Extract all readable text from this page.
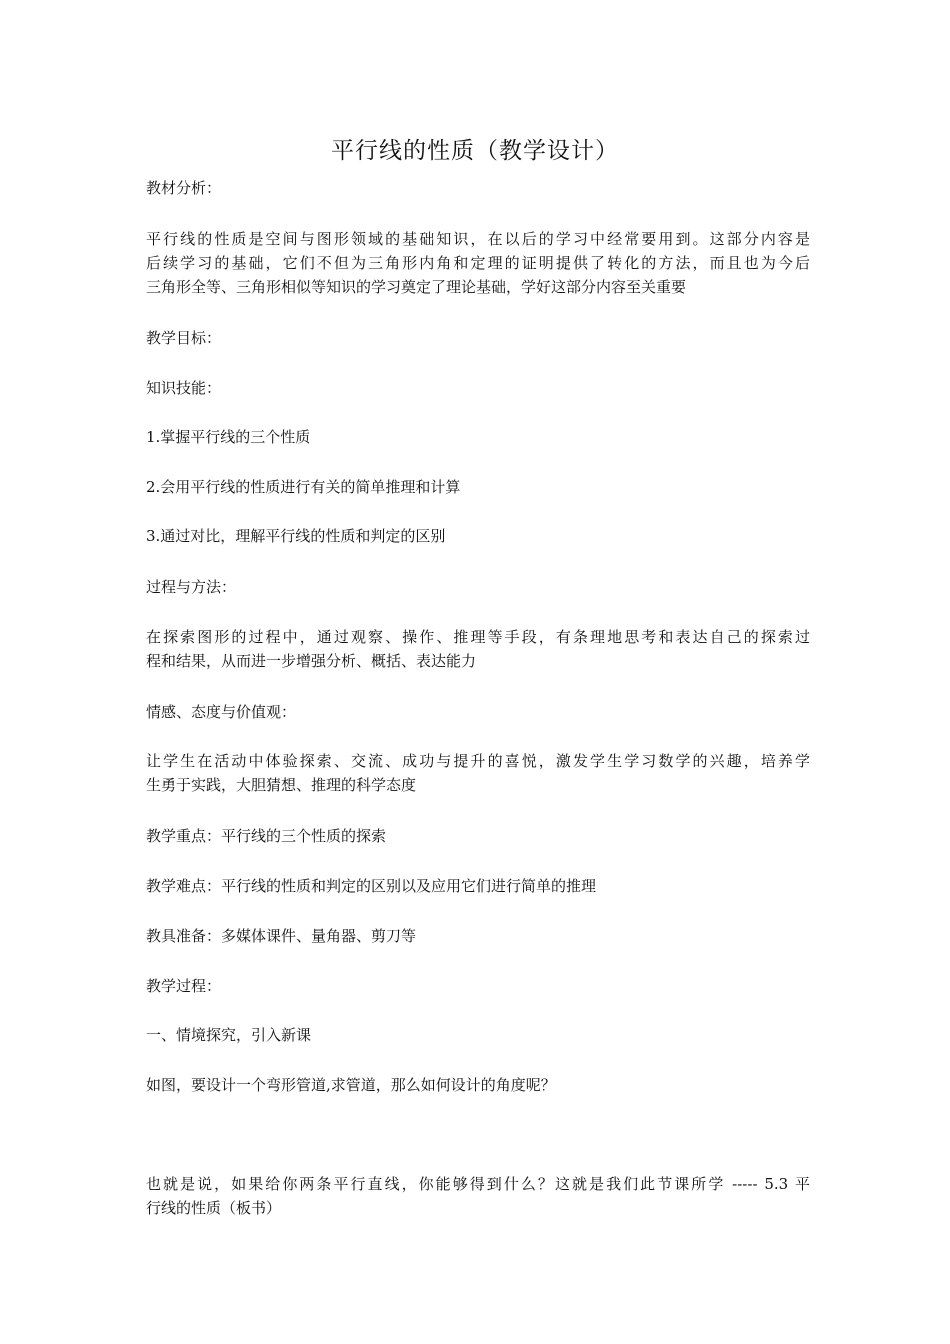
平行线的性质（教学设计）
教材分析：
平行线的性质是空间与图形领域的基础知识，在以后的学习中经常要用到。这部分内容是
后续学习的基础，它们不但为三角形内角和定理的证明提供了转化的方法，而且也为今后
三角形全等、三角形相似等知识的学习奠定了理论基础，学好这部分内容至关重要
教学目标：
知识技能：
1.掌握平行线的三个性质
2.会用平行线的性质进行有关的简单推理和计算
3.通过对比，理解平行线的性质和判定的区别
过程与方法：
在探索图形的过程中，通过观察、操作、推理等手段，有条理地思考和表达自己的探索过
程和结果，从而进一步增强分析、概括、表达能力
情感、态度与价值观：
让学生在活动中体验探索、交流、成功与提升的喜悦，激发学生学习数学的兴趣，培养学
生勇于实践，大胆猜想、推理的科学态度
教学重点：平行线的三个性质的探索
教学难点：平行线的性质和判定的区别以及应用它们进行简单的推理
教具准备：多媒体课件、量角器、剪刀等
教学过程：
一、情境探究，引入新课
如图，要设计一个弯形管道,求管道，那么如何设计的角度呢？
也就是说，如果给你两条平行直线，你能够得到什么？这就是我们此节课所学 ----- 5.3 平
行线的性质（板书）
